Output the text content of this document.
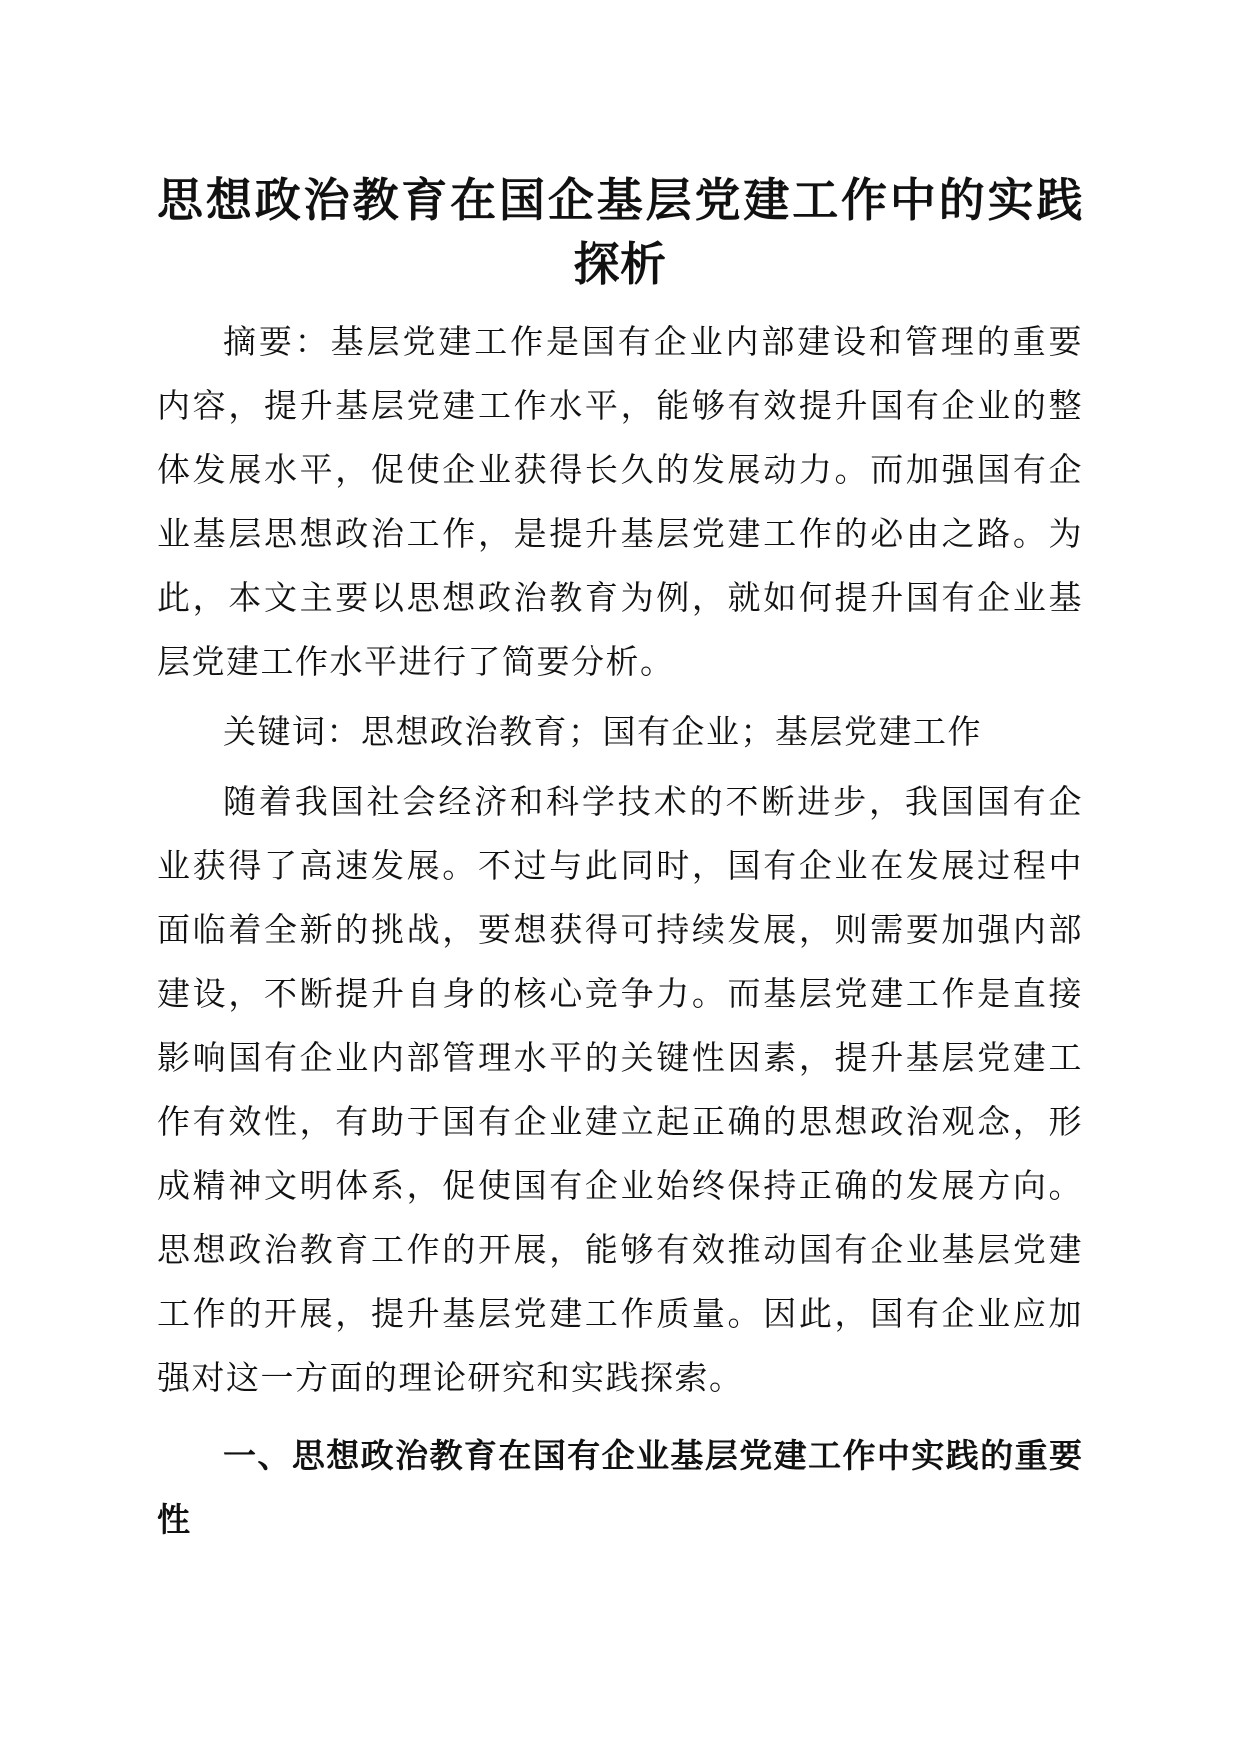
思想政治教育在国企基层党建工作中的实践探析

摘要：基层党建工作是国有企业内部建设和管理的重要内容，提升基层党建工作水平，能够有效提升国有企业的整体发展水平，促使企业获得长久的发展动力。而加强国有企业基层思想政治工作，是提升基层党建工作的必由之路。为此，本文主要以思想政治教育为例，就如何提升国有企业基层党建工作水平进行了简要分析。

关键词：思想政治教育；国有企业；基层党建工作

随着我国社会经济和科学技术的不断进步，我国国有企业获得了高速发展。不过与此同时，国有企业在发展过程中面临着全新的挑战，要想获得可持续发展，则需要加强内部建设，不断提升自身的核心竞争力。而基层党建工作是直接影响国有企业内部管理水平的关键性因素，提升基层党建工作有效性，有助于国有企业建立起正确的思想政治观念，形成精神文明体系，促使国有企业始终保持正确的发展方向。思想政治教育工作的开展，能够有效推动国有企业基层党建工作的开展，提升基层党建工作质量。因此，国有企业应加强对这一方面的理论研究和实践探索。

一、思想政治教育在国有企业基层党建工作中实践的重要性
